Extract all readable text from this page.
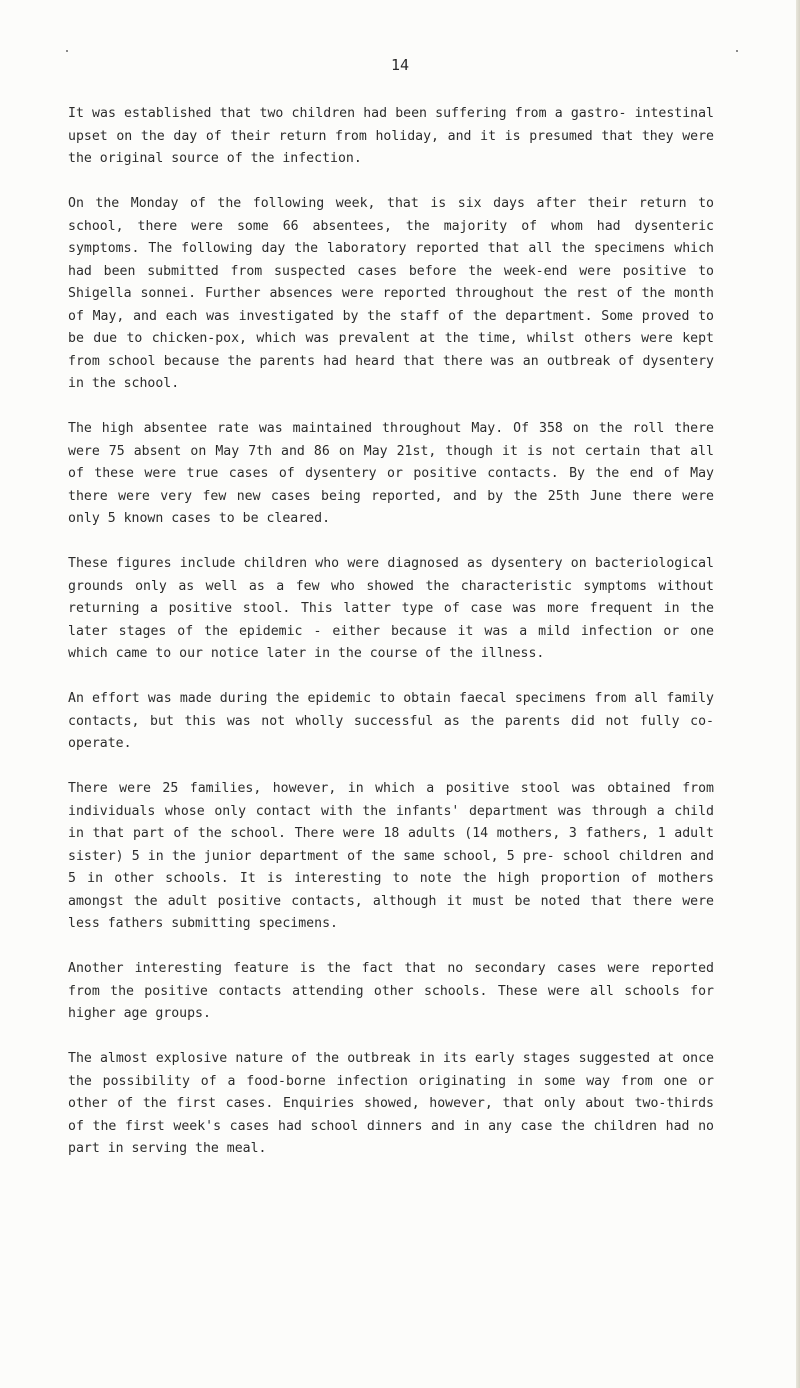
14

It was established that two children had been suffering from a gastro- intestinal upset on the day of their return from holiday, and it is presumed that they were the original source of the infection.

On the Monday of the following week, that is six days after their return to school, there were some 66 absentees, the majority of whom had dysenteric symptoms. The following day the laboratory reported that all the specimens which had been submitted from suspected cases before the week-end were positive to Shigella sonnei. Further absences were reported throughout the rest of the month of May, and each was investigated by the staff of the department. Some proved to be due to chicken-pox, which was prevalent at the time, whilst others were kept from school because the parents had heard that there was an outbreak of dysentery in the school.

The high absentee rate was maintained throughout May. Of 358 on the roll there were 75 absent on May 7th and 86 on May 21st, though it is not certain that all of these were true cases of dysentery or positive contacts. By the end of May there were very few new cases being reported, and by the 25th June there were only 5 known cases to be cleared.

These figures include children who were diagnosed as dysentery on bacteriological grounds only as well as a few who showed the characteristic symptoms without returning a positive stool. This latter type of case was more frequent in the later stages of the epidemic - either because it was a mild infection or one which came to our notice later in the course of the illness.

An effort was made during the epidemic to obtain faecal specimens from all family contacts, but this was not wholly successful as the parents did not fully co-operate.

There were 25 families, however, in which a positive stool was obtained from individuals whose only contact with the infants' department was through a child in that part of the school. There were 18 adults (14 mothers, 3 fathers, 1 adult sister) 5 in the junior department of the same school, 5 pre- school children and 5 in other schools. It is interesting to note the high proportion of mothers amongst the adult positive contacts, although it must be noted that there were less fathers submitting specimens.

Another interesting feature is the fact that no secondary cases were reported from the positive contacts attending other schools. These were all schools for higher age groups.

The almost explosive nature of the outbreak in its early stages suggested at once the possibility of a food-borne infection originating in some way from one or other of the first cases. Enquiries showed, however, that only about two-thirds of the first week's cases had school dinners and in any case the children had no part in serving the meal.
